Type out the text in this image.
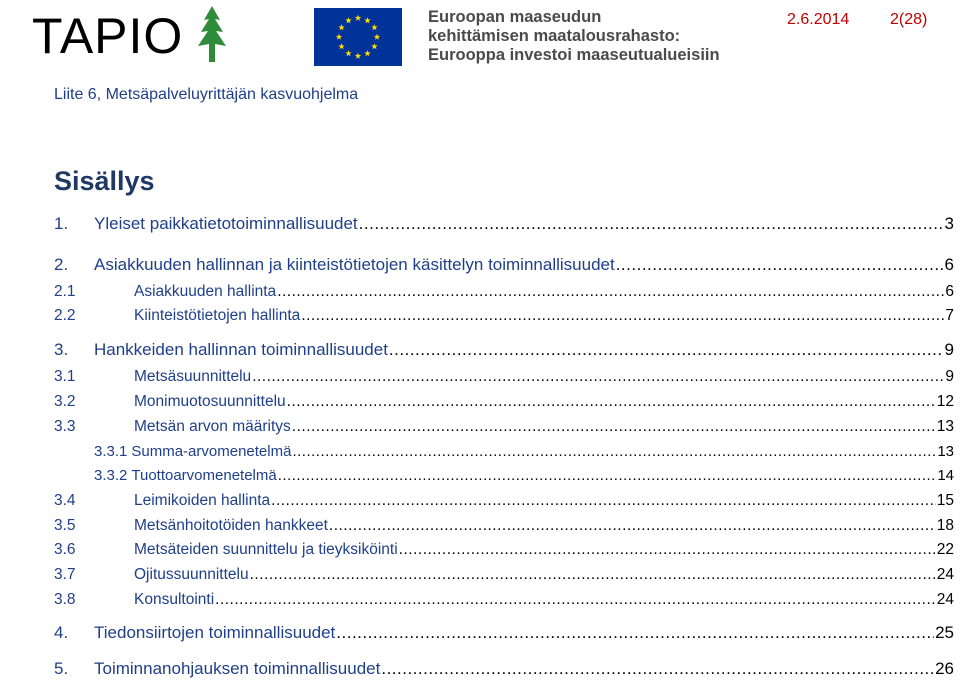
TAPIO	Euroopan maaseudun
kehittämisen maatalousrahasto:
Eurooppa investoi maaseutualueisiin
2.6.2014	2(28)
Liite 6, Metsäpalveluyrittäjän kasvuohjelma
Sisällys
1.	Yleiset paikkatietotoiminnallisuudet .....	3
2.	Asiakkuuden hallinnan ja kiinteistötietojen käsittelyn toiminnallisuudet .....	6
2.1	Asiakkuuden hallinta .....	6
2.2	Kiinteistötietojen hallinta .....	7
3.	Hankkeiden hallinnan toiminnallisuudet .....	9
3.1	Metsäsuunnittelu .....	9
3.2	Monimuotosuunnittelu .....	12
3.3	Metsän arvon määritys .....	13
3.3.1 Summa-arvomenetelmä .....	13
3.3.2 Tuottoarvomenetelmä .....	14
3.4	Leimikoiden hallinta .....	15
3.5	Metsänhoitotöiden hankkeet .....	18
3.6	Metsäteiden suunnittelu ja tieyksiköinti .....	22
3.7	Ojitussuunnittelu .....	24
3.8	Konsultointi .....	24
4.	Tiedonsiirtojen toiminnallisuudet .....	25
5.	Toiminnanohjauksen toiminnallisuudet .....	26
